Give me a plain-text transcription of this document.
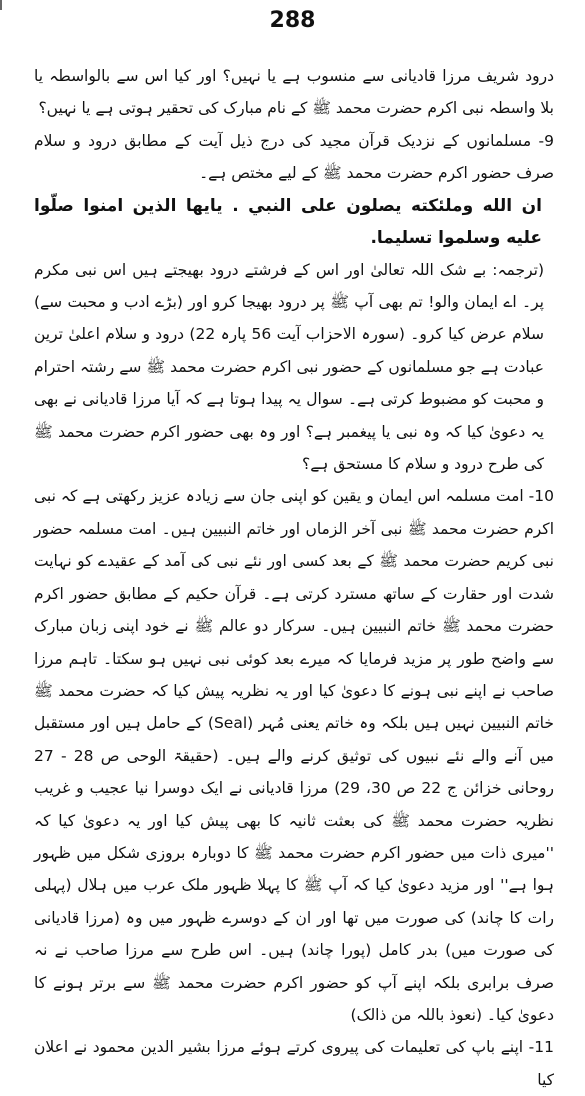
288

درود شریف مرزا قادیانی سے منسوب ہے یا نہیں؟ اور کیا اس سے بالواسطہ یا بلا واسطہ نبی اکرم حضرت محمد ﷺ کے نام مبارک کی تحقیر ہوتی ہے یا نہیں؟

9- مسلمانوں کے نزدیک قرآن مجید کی درج ذیل آیت کے مطابق درود و سلام صرف حضور اکرم حضرت محمد ﷺ کے لیے مختص ہے۔

ان الله وملئكته يصلون على النبي . يايها الذين امنوا صلّوا عليه وسلموا تسليما.

(ترجمہ: بے شک اللہ تعالیٰ اور اس کے فرشتے درود بھیجتے ہیں اس نبی مکرم پر۔ اے ایمان والو! تم بھی آپ ﷺ پر درود بھیجا کرو اور (بڑے ادب و محبت سے) سلام عرض کیا کرو۔ (سورہ الاحزاب آیت 56 پارہ 22) درود و سلام اعلیٰ ترین عبادت ہے جو مسلمانوں کے حضور نبی اکرم حضرت محمد ﷺ سے رشتہ احترام و محبت کو مضبوط کرتی ہے۔ سوال یہ پیدا ہوتا ہے کہ آیا مرزا قادیانی نے بھی یہ دعویٰ کیا کہ وہ نبی یا پیغمبر ہے؟ اور وہ بھی حضور اکرم حضرت محمد ﷺ کی طرح درود و سلام کا مستحق ہے؟

10- امت مسلمہ اس ایمان و یقین کو اپنی جان سے زیادہ عزیز رکھتی ہے کہ نبی اکرم حضرت محمد ﷺ نبی آخر الزماں اور خاتم النبیین ہیں۔ امت مسلمہ حضور نبی کریم حضرت محمد ﷺ کے بعد کسی اور نئے نبی کی آمد کے عقیدے کو نہایت شدت اور حقارت کے ساتھ مسترد کرتی ہے۔ قرآن حکیم کے مطابق حضور اکرم حضرت محمد ﷺ خاتم النبیین ہیں۔ سرکار دو عالم ﷺ نے خود اپنی زبان مبارک سے واضح طور پر مزید فرمایا کہ میرے بعد کوئی نبی نہیں ہو سکتا۔ تاہم مرزا صاحب نے اپنے نبی ہونے کا دعویٰ کیا اور یہ نظریہ پیش کیا کہ حضرت محمد ﷺ خاتم النبیین نہیں ہیں بلکہ وہ خاتم یعنی مُہر (Seal) کے حامل ہیں اور مستقبل میں آنے والے نئے نبیوں کی توثیق کرنے والے ہیں۔ (حقیقۃ الوحی ص 28 - 27 روحانی خزائن ج 22 ص 30، 29) مرزا قادیانی نے ایک دوسرا نیا عجیب و غریب نظریہ حضرت محمد ﷺ کی بعثت ثانیہ کا بھی پیش کیا اور یہ دعویٰ کیا کہ ''میری ذات میں حضور اکرم حضرت محمد ﷺ کا دوبارہ بروزی شکل میں ظہور ہوا ہے'' اور مزید دعویٰ کیا کہ آپ ﷺ کا پہلا ظہور ملک عرب میں ہلال (پہلی رات کا چاند) کی صورت میں تھا اور ان کے دوسرے ظہور میں وہ (مرزا قادیانی کی صورت میں) بدر کامل (پورا چاند) ہیں۔ اس طرح سے مرزا صاحب نے نہ صرف برابری بلکہ اپنے آپ کو حضور اکرم حضرت محمد ﷺ سے برتر ہونے کا دعویٰ کیا۔ (نعوذ باللہ من ذالک)

11- اپنے باپ کی تعلیمات کی پیروی کرتے ہوئے مرزا بشیر الدین محمود نے اعلان کیا
